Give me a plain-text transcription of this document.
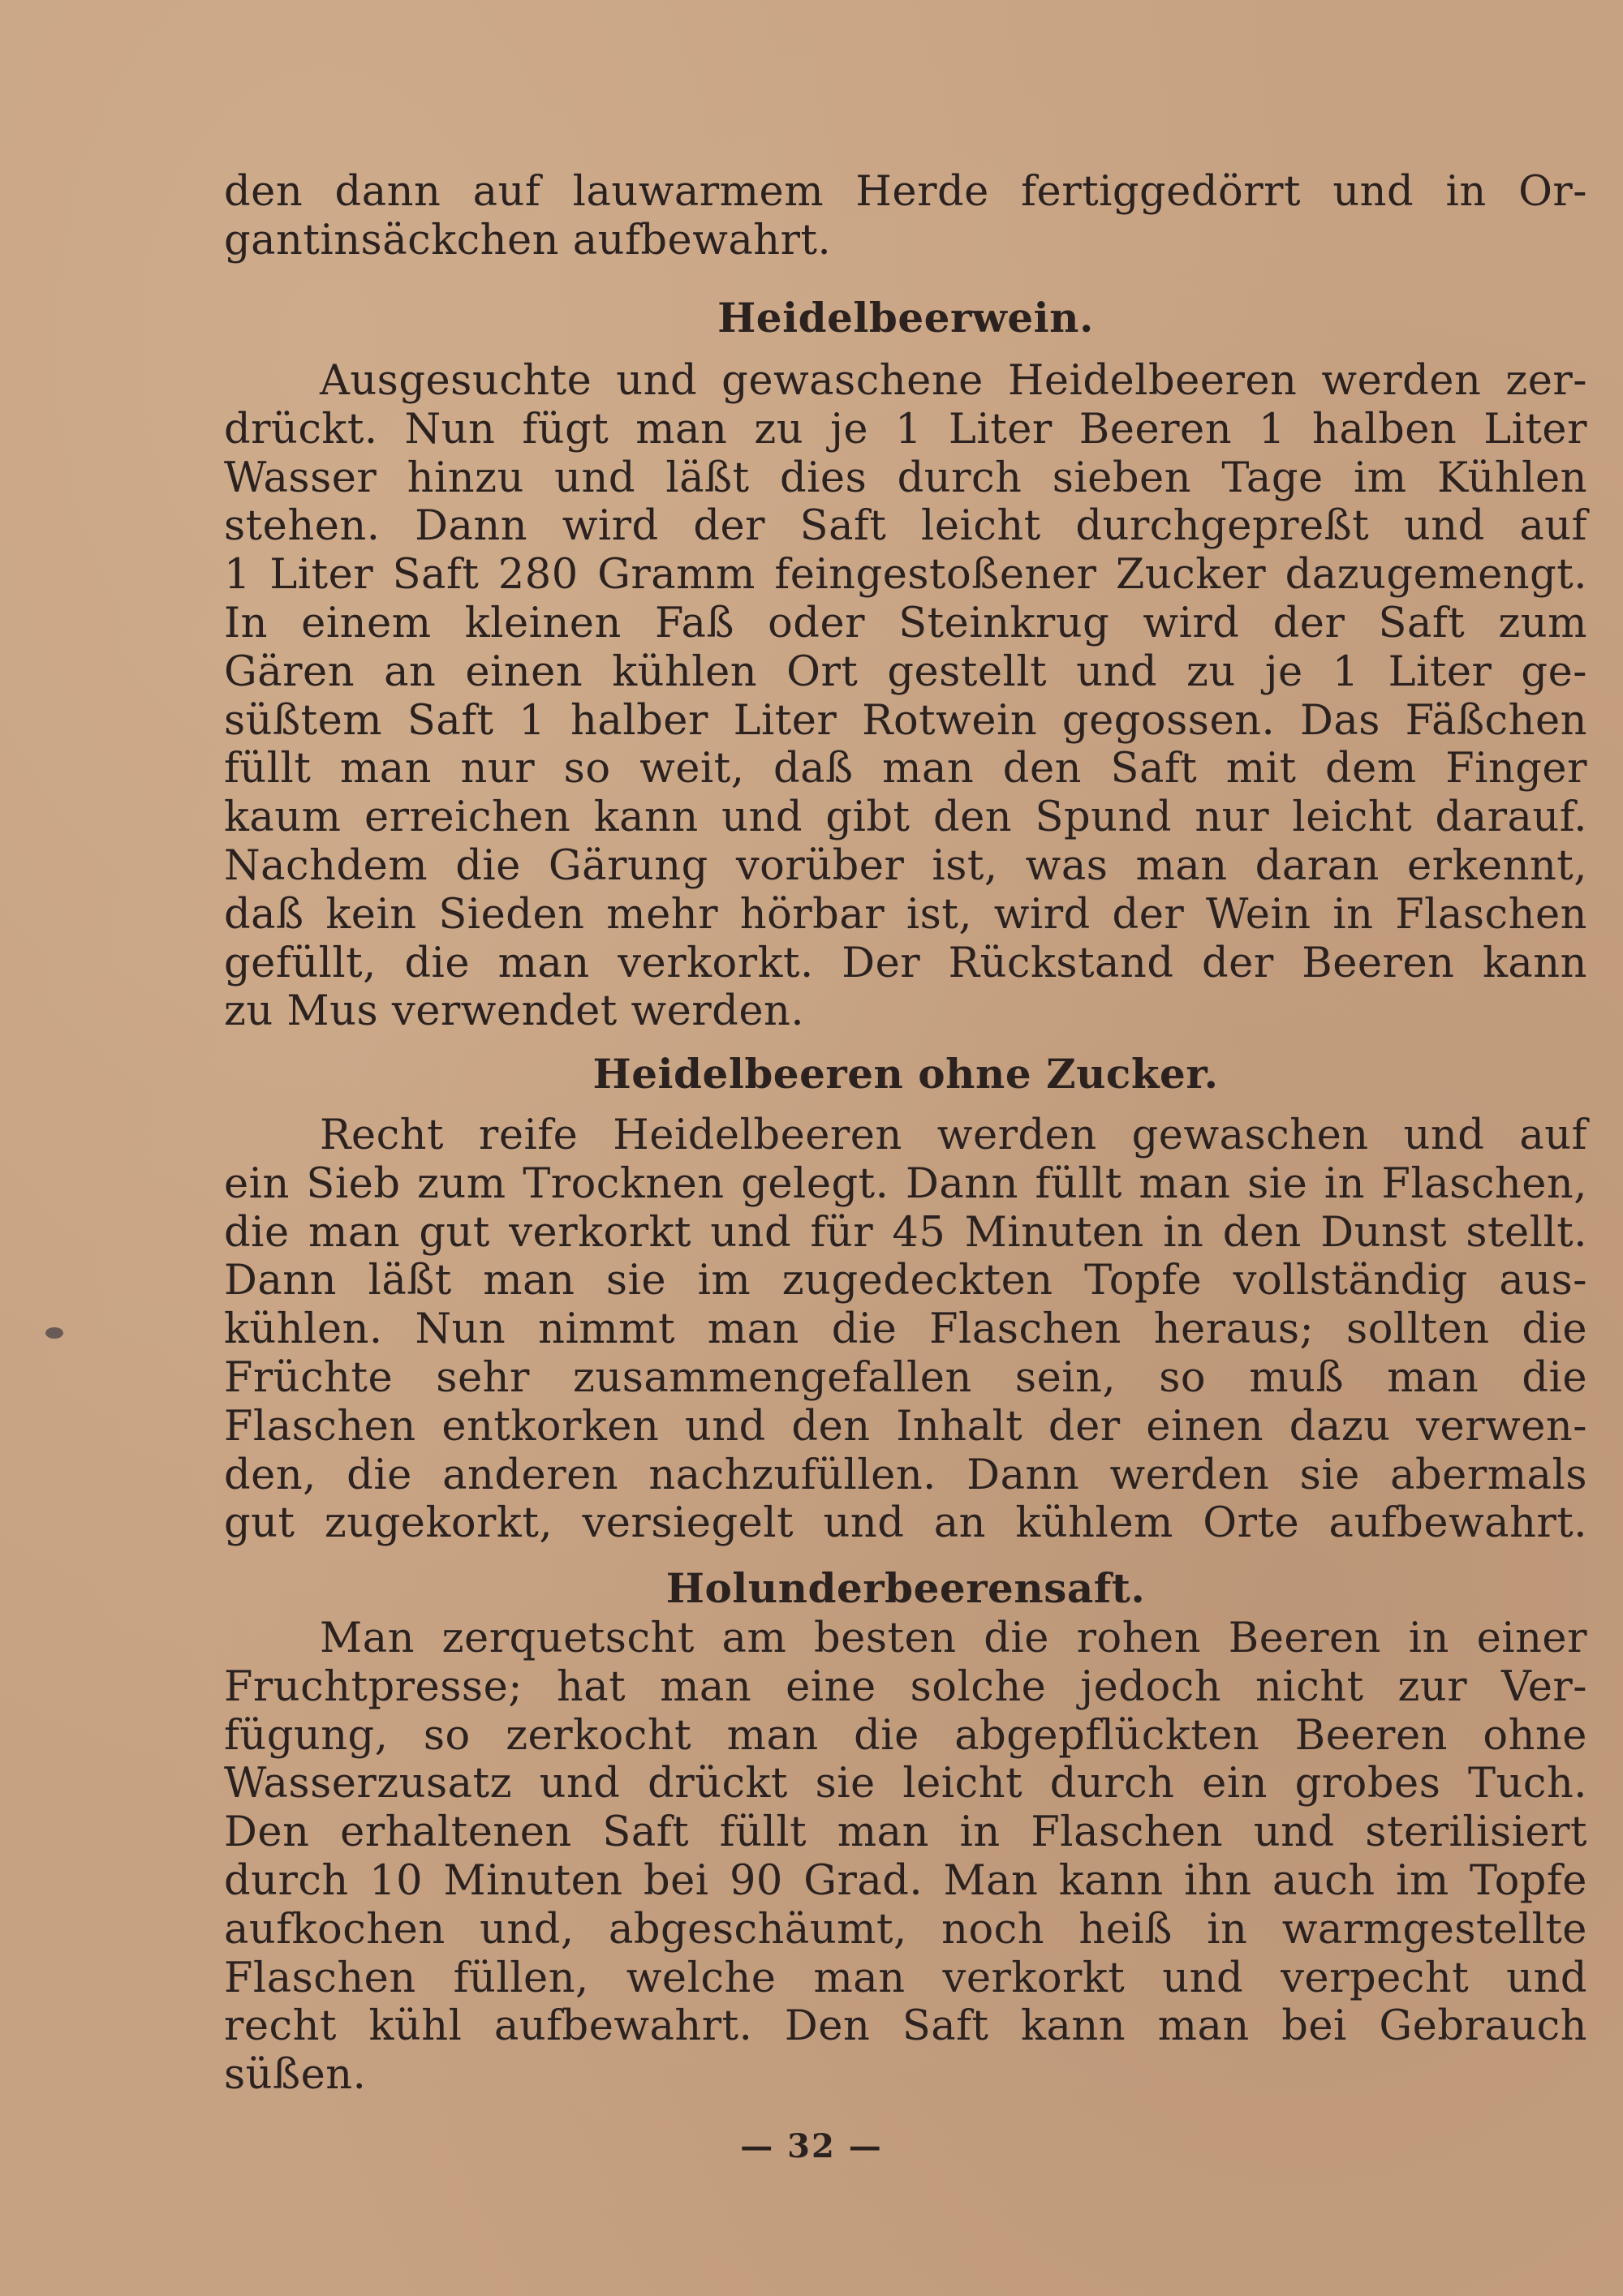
den dann auf lauwarmem Herde fertiggedörrt und in Or-
gantinsäckchen aufbewahrt.
Heidelbeerwein.
Ausgesuchte und gewaschene Heidelbeeren werden zer-
drückt. Nun fügt man zu je 1 Liter Beeren 1 halben Liter
Wasser hinzu und läßt dies durch sieben Tage im Kühlen
stehen. Dann wird der Saft leicht durchgepreßt und auf
1 Liter Saft 280 Gramm feingestoßener Zucker dazugemengt.
In einem kleinen Faß oder Steinkrug wird der Saft zum
Gären an einen kühlen Ort gestellt und zu je 1 Liter ge-
süßtem Saft 1 halber Liter Rotwein gegossen. Das Fäßchen
füllt man nur so weit, daß man den Saft mit dem Finger
kaum erreichen kann und gibt den Spund nur leicht darauf.
Nachdem die Gärung vorüber ist, was man daran erkennt,
daß kein Sieden mehr hörbar ist, wird der Wein in Flaschen
gefüllt, die man verkorkt. Der Rückstand der Beeren kann
zu Mus verwendet werden.
Heidelbeeren ohne Zucker.
Recht reife Heidelbeeren werden gewaschen und auf
ein Sieb zum Trocknen gelegt. Dann füllt man sie in Flaschen,
die man gut verkorkt und für 45 Minuten in den Dunst stellt.
Dann läßt man sie im zugedeckten Topfe vollständig aus-
kühlen. Nun nimmt man die Flaschen heraus; sollten die
Früchte sehr zusammengefallen sein, so muß man die
Flaschen entkorken und den Inhalt der einen dazu verwen-
den, die anderen nachzufüllen. Dann werden sie abermals
gut zugekorkt, versiegelt und an kühlem Orte aufbewahrt.
Holunderbeerensaft.
Man zerquetscht am besten die rohen Beeren in einer
Fruchtpresse; hat man eine solche jedoch nicht zur Ver-
fügung, so zerkocht man die abgepflückten Beeren ohne
Wasserzusatz und drückt sie leicht durch ein grobes Tuch.
Den erhaltenen Saft füllt man in Flaschen und sterilisiert
durch 10 Minuten bei 90 Grad. Man kann ihn auch im Topfe
aufkochen und, abgeschäumt, noch heiß in warmgestellte
Flaschen füllen, welche man verkorkt und verpecht und
recht kühl aufbewahrt. Den Saft kann man bei Gebrauch
süßen.
— 32 —
